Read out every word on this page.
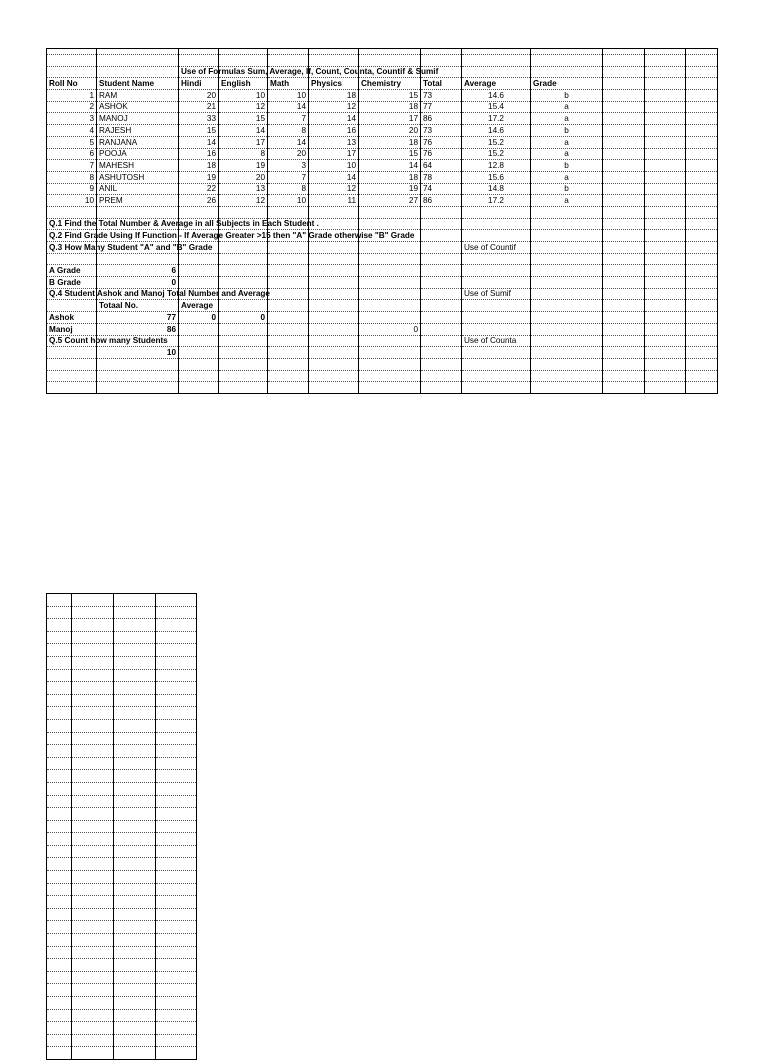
		Use of Formulas Sum, Average, If, Count, Counta, Countif & Sumif										

Roll No	Student Name	Hindi	English	Math	Physics	Chemistry	Total	Average	Grade			
1	RAM	20	10	10	18	15	73	14.6	b			
2	ASHOK	21	12	14	12	18	77	15.4	a			
3	MANOJ	33	15	7	14	17	86	17.2	a			
4	RAJESH	15	14	8	16	20	73	14.6	b			
5	RANJANA	14	17	14	13	18	76	15.2	a			
6	POOJA	16	8	20	17	15	76	15.2	a			
7	MAHESH	18	19	3	10	14	64	12.8	b			
8	ASHUTOSH	19	20	7	14	18	78	15.6	a			
9	ANIL	22	13	8	12	19	74	14.8	b			
10	PREM	26	12	10	11	27	86	17.2	a			

Q.1 Find the Total Number & Average in all Subjects in Each Student .												

Q.2 Find Grade Using If Function - If Average Greater >15 then "A" Grade otherwise "B" Grade												

Q.3 How Many Student "A" and "B" Grade								Use of Countif				

A Grade	6											
B Grade	0											

Q.4 Student Ashok and Manoj Total Number and Average								Use of Sumif				

	Totaal No.	Average										
Ashok	77	0	0									
Manoj	86					0						

Q.5 Count how many Students								Use of Counta				

	10											
